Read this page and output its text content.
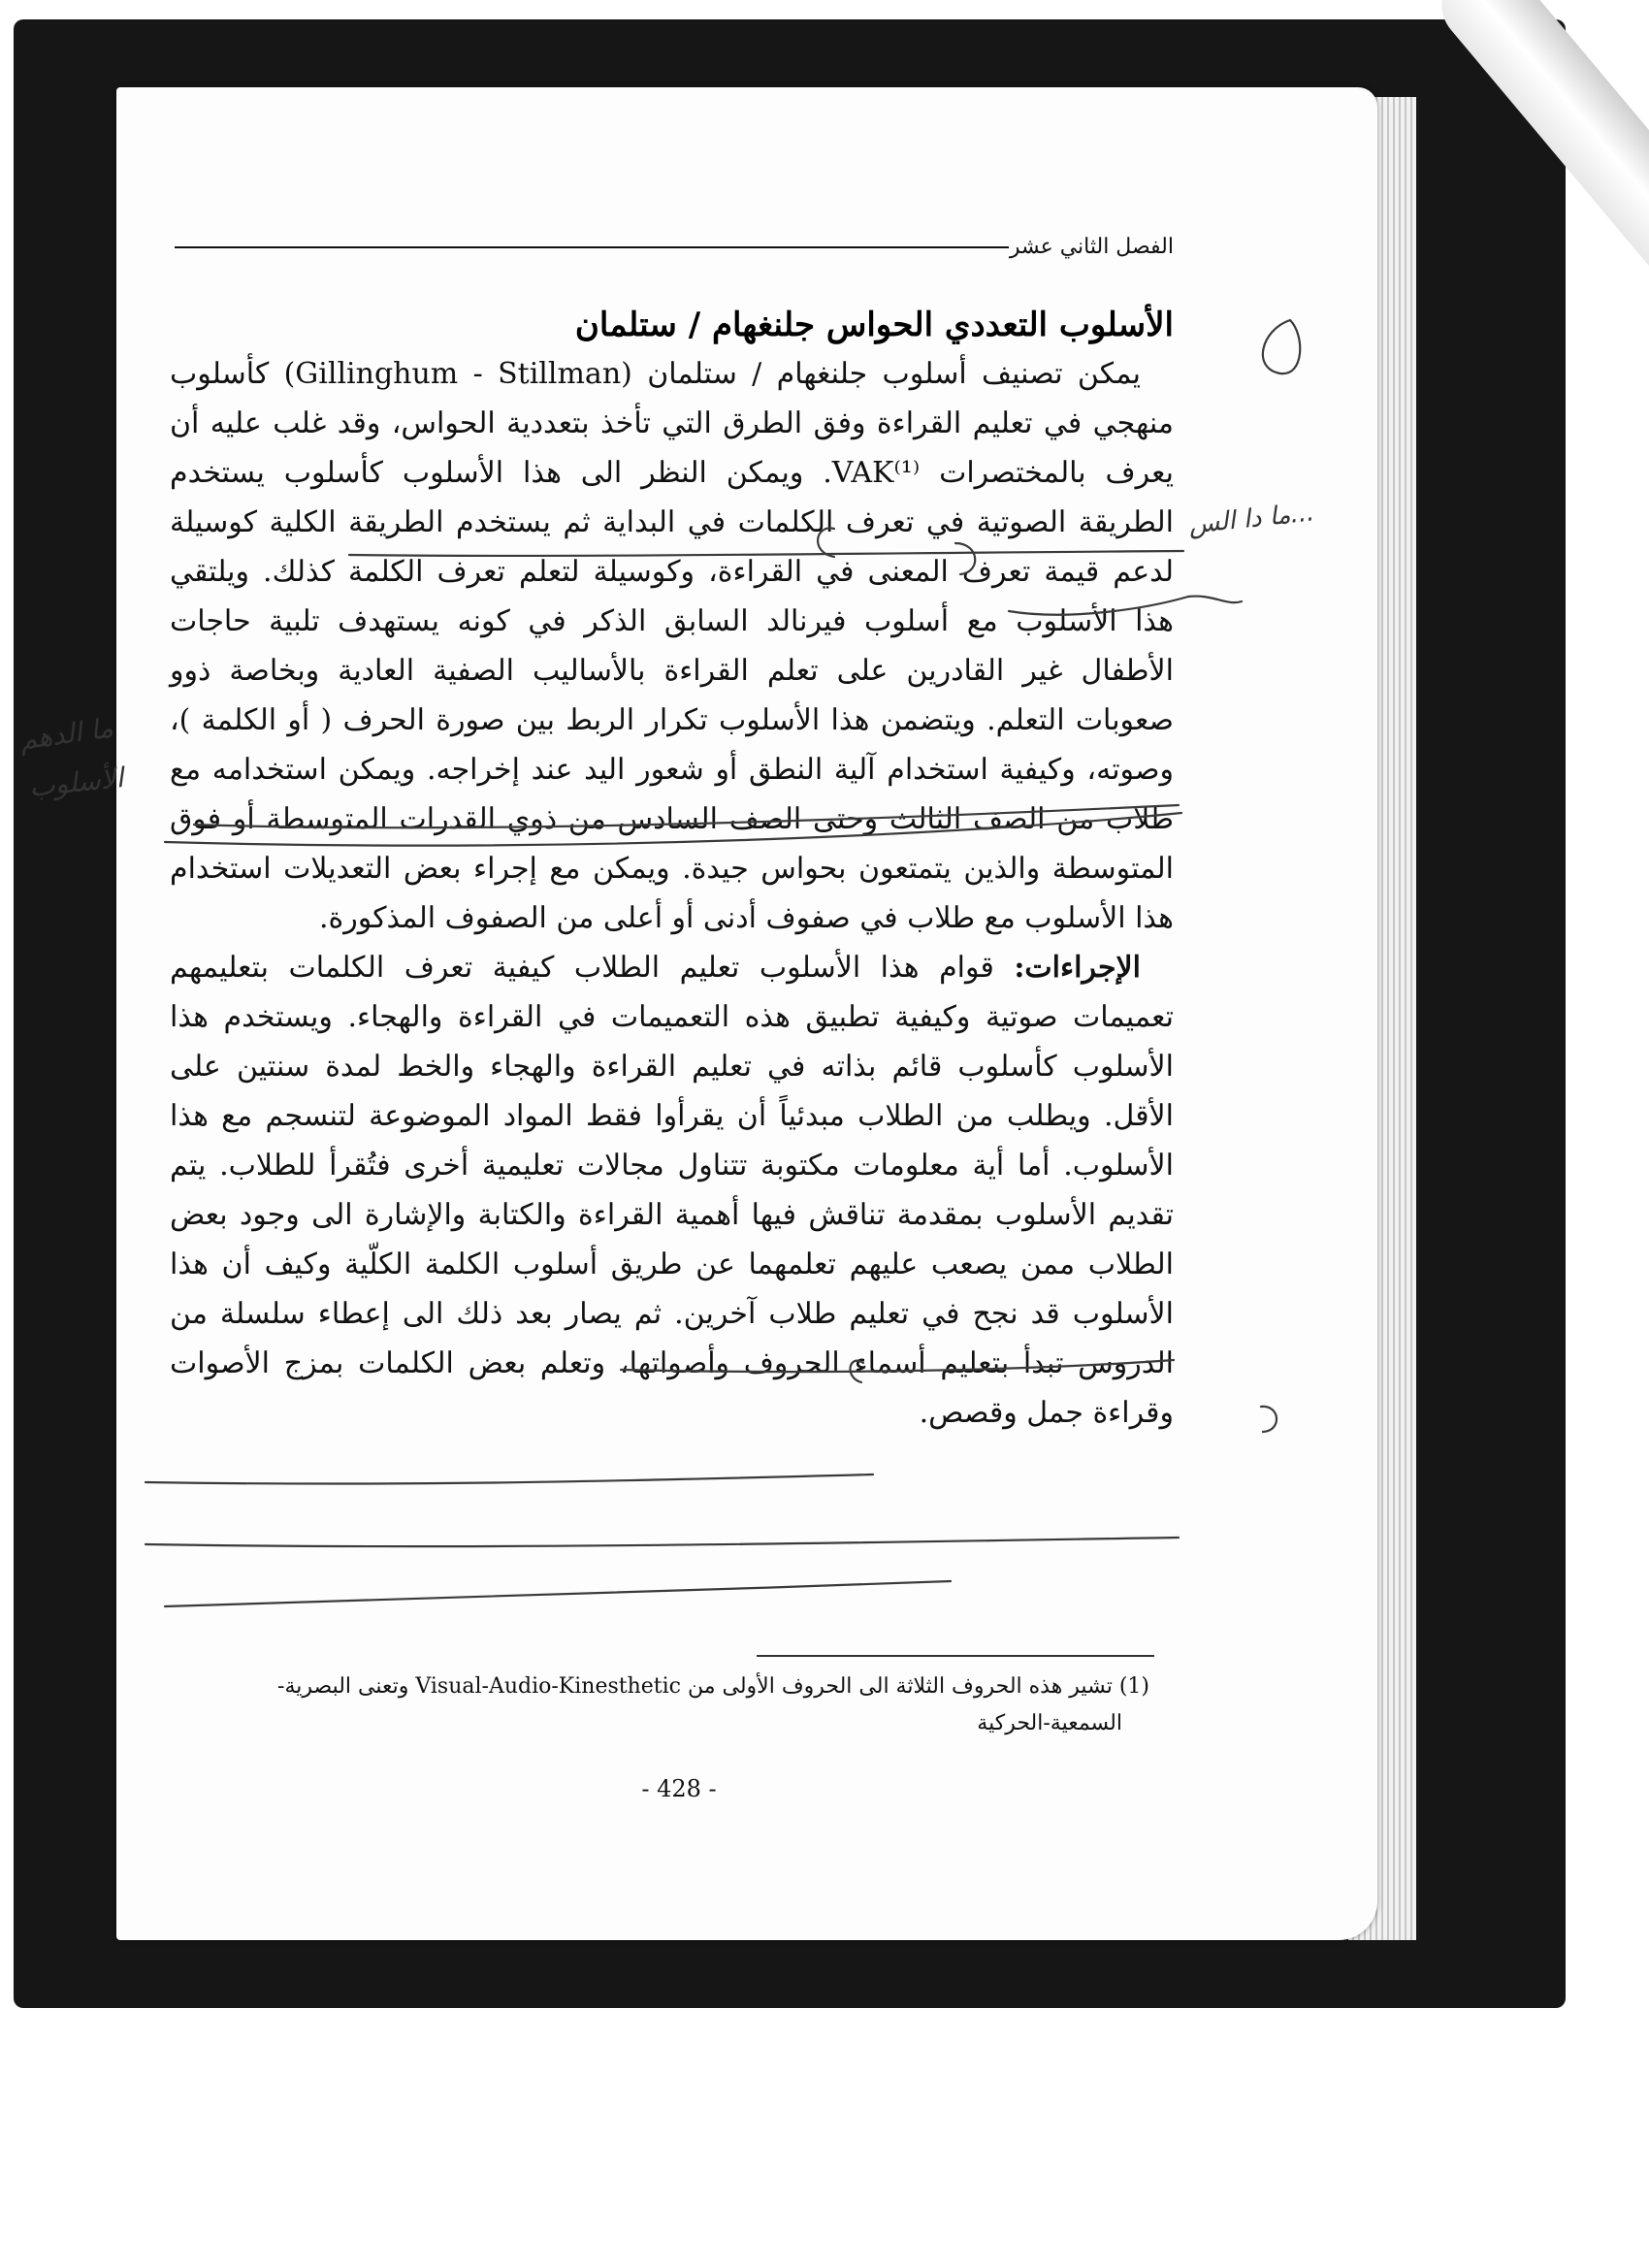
الفصل الثاني عشر
الأسلوب التعددي الحواس جلنغهام / ستلمان

يمكن تصنيف أسلوب جلنغهام / ستلمان (Gillinghum - Stillman) كأسلوب منهجي في تعليم القراءة وفق الطرق التي تأخذ بتعددية الحواس، وقد غلب عليه أن يعرف بالمختصرات VAK⁽¹⁾. ويمكن النظر الى هذا الأسلوب كأسلوب يستخدم الطريقة الصوتية في تعرف الكلمات في البداية ثم يستخدم الطريقة الكلية كوسيلة لدعم قيمة تعرف المعنى في القراءة، وكوسيلة لتعلم تعرف الكلمة كذلك. ويلتقي هذا الأسلوب مع أسلوب فيرنالد السابق الذكر في كونه يستهدف تلبية حاجات الأطفال غير القادرين على تعلم القراءة بالأساليب الصفية العادية وبخاصة ذوو صعوبات التعلم. ويتضمن هذا الأسلوب تكرار الربط بين صورة الحرف ( أو الكلمة )، وصوته، وكيفية استخدام آلية النطق أو شعور اليد عند إخراجه. ويمكن استخدامه مع طلاب من الصف الثالث وحتى الصف السادس من ذوي القدرات المتوسطة أو فوق المتوسطة والذين يتمتعون بحواس جيدة. ويمكن مع إجراء بعض التعديلات استخدام هذا الأسلوب مع طلاب في صفوف أدنى أو أعلى من الصفوف المذكورة.

الإجراءات: قوام هذا الأسلوب تعليم الطلاب كيفية تعرف الكلمات بتعليمهم تعميمات صوتية وكيفية تطبيق هذه التعميمات في القراءة والهجاء. ويستخدم هذا الأسلوب كأسلوب قائم بذاته في تعليم القراءة والهجاء والخط لمدة سنتين على الأقل. ويطلب من الطلاب مبدئياً أن يقرأوا فقط المواد الموضوعة لتنسجم مع هذا الأسلوب. أما أية معلومات مكتوبة تتناول مجالات تعليمية أخرى فتُقرأ للطلاب. يتم تقديم الأسلوب بمقدمة تناقش فيها أهمية القراءة والكتابة والإشارة الى وجود بعض الطلاب ممن يصعب عليهم تعلمهما عن طريق أسلوب الكلمة الكلّية وكيف أن هذا الأسلوب قد نجح في تعليم طلاب آخرين. ثم يصار بعد ذلك الى إعطاء سلسلة من الدروس تبدأ بتعليم أسماء الحروف وأصواتها، وتعلم بعض الكلمات بمزج الأصوات وقراءة جمل وقصص.

(1) تشير هذه الحروف الثلاثة الى الحروف الأولى من Visual-Audio-Kinesthetic وتعنى البصرية-
السمعية-الحركية
- 428 -
ما دا الس...
ما الدهم
الأسلوب
